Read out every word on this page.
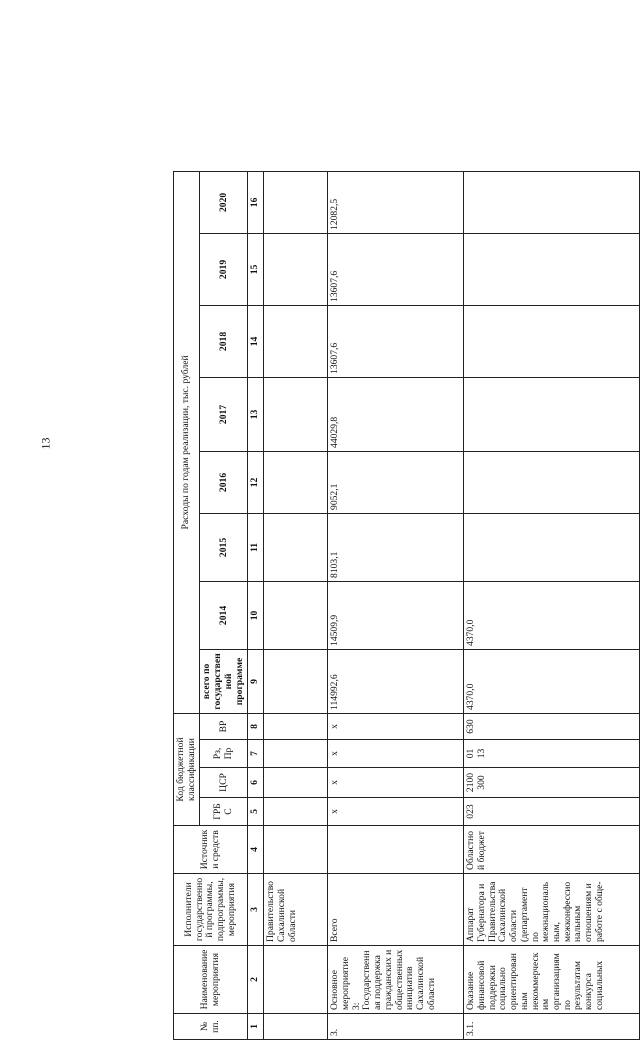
13
№ пп.	Наименование мероприятия	Исполнители государственной программы, подпрограммы, мероприятия	Источники средств	Код бюджетной классификации				Расходы по годам реализации, тыс. рублей							
				ГРБС	ЦСР	Рз, Пр	ВР	всего по государственной программе	2014	2015	2016	2017	2018	2019	2020
1	2	3	4	5	6	7	8	9	10	11	12	13	14	15	16
		Правительство Сахалинской области													
3.	Основное мероприятие 3: Государственная поддержка гражданских и общественных инициатив Сахалинской области	Всего		x	x	x	x	114992,6	14509,9	8103,1	9052,1	44029,8	13607,6	13607,6	12082,5
3.1.	Оказание финансовой поддержки социально ориентированным некоммерческим организациям по результатам конкурса социальных	Аппарат Губернатора и Правительства Сахалинской области (департамент по межнациональным, межконфессиональным отношениям и работе с обще-	Областной бюджет	023	2100 300	01 13	630	4370,0	4370,0						
